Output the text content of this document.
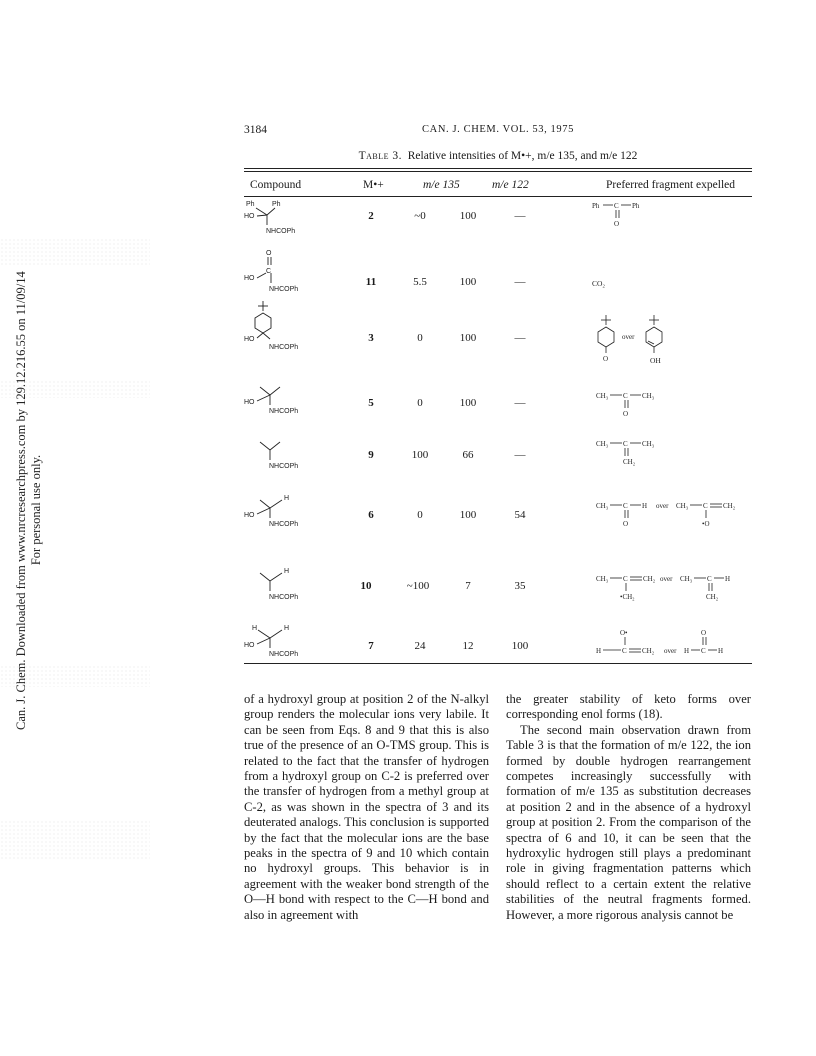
Can. J. Chem. Downloaded from www.nrcresearchpress.com by 129.12.216.55 on 11/09/14 For personal use only.
3184	CAN. J. CHEM. VOL. 53, 1975
Table 3. Relative intensities of M•+, m/e 135, and m/e 122
Compound	M•+	m/e 135	m/e 122	Preferred fragment expelled
Ph Ph
HO
NHCOPh
2	~0	100	—
Ph C Ph
O
O
C
HO
NHCOPh
11	5.5	100	—	CO₂
HO
NHCOPh
3	0	100	—
O
over
OH
HO
NHCOPh
5	0	100	—
CH₃ C CH₃
O
NHCOPh
9	100	66	—
CH₃ C CH₃
CH₂
H
HO
NHCOPh
6	0	100	54
CH₃ C H
O
over CH₃ C CH₂
•O
H
NHCOPh
10	~100	7	35
CH₃ C CH₂
•CH₂
over CH₃ C H
CH₂
H	H
HO
NHCOPh
7	24	12	100
O•
H	C CH₂ over H C H
O

of a hydroxyl group at position 2 of the N-alkyl group renders the molecular ions very labile. It can be seen from Eqs. 8 and 9 that this is also true of the presence of an O-TMS group. This is related to the fact that the transfer of hydrogen from a hydroxyl group on C-2 is preferred over the transfer of hydrogen from a methyl group at C-2, as was shown in the spectra of 3 and its deuterated analogs. This conclusion is supported by the fact that the molecular ions are the base peaks in the spectra of 9 and 10 which contain no hydroxyl groups. This behavior is in agreement with the weaker bond strength of the O—H bond with respect to the C—H bond and also in agreement with

the greater stability of keto forms over corresponding enol forms (18).

The second main observation drawn from Table 3 is that the formation of m/e 122, the ion formed by double hydrogen rearrangement competes increasingly successfully with formation of m/e 135 as substitution decreases at position 2 and in the absence of a hydroxyl group at position 2. From the comparison of the spectra of 6 and 10, it can be seen that the hydroxylic hydrogen still plays a predominant role in giving fragmentation patterns which should reflect to a certain extent the relative stabilities of the neutral fragments formed. However, a more rigorous analysis cannot be
